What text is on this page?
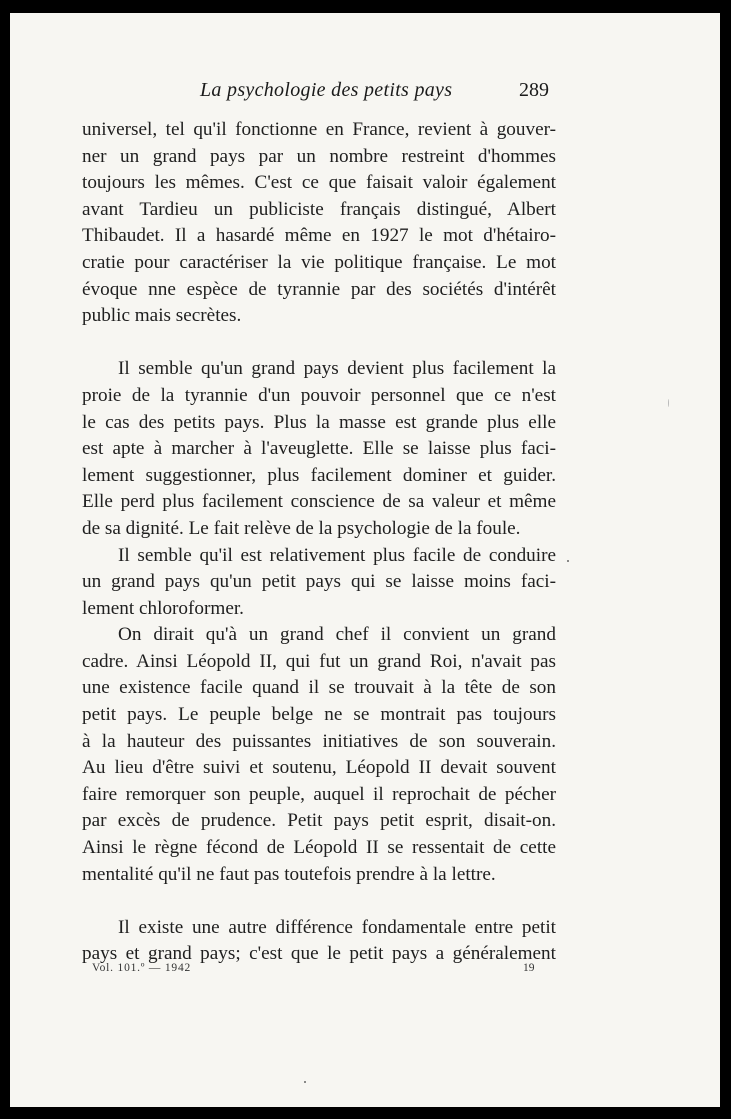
La psychologie des petits pays	289

universel, tel qu'il fonctionne en France, revient à gouver-
ner un grand pays par un nombre restreint d'hommes
toujours les mêmes. C'est ce que faisait valoir également
avant Tardieu un publiciste français distingué, Albert
Thibaudet. Il a hasardé même en 1927 le mot d'hétairo-
cratie pour caractériser la vie politique française. Le mot
évoque nne espèce de tyrannie par des sociétés d'intérêt
public mais secrètes.

Il semble qu'un grand pays devient plus facilement la
proie de la tyrannie d'un pouvoir personnel que ce n'est
le cas des petits pays. Plus la masse est grande plus elle
est apte à marcher à l'aveuglette. Elle se laisse plus faci-
lement suggestionner, plus facilement dominer et guider.
Elle perd plus facilement conscience de sa valeur et même
de sa dignité. Le fait relève de la psychologie de la foule.

Il semble qu'il est relativement plus facile de conduire
un grand pays qu'un petit pays qui se laisse moins faci-
lement chloroformer.

On dirait qu'à un grand chef il convient un grand
cadre. Ainsi Léopold II, qui fut un grand Roi, n'avait pas
une existence facile quand il se trouvait à la tête de son
petit pays. Le peuple belge ne se montrait pas toujours
à la hauteur des puissantes initiatives de son souverain.
Au lieu d'être suivi et soutenu, Léopold II devait souvent
faire remorquer son peuple, auquel il reprochait de pécher
par excès de prudence. Petit pays petit esprit, disait-on.
Ainsi le règne fécond de Léopold II se ressentait de cette
mentalité qu'il ne faut pas toutefois prendre à la lettre.

Il existe une autre différence fondamentale entre petit
pays et grand pays; c'est que le petit pays a généralement

Vol. 101.º — 1942	19
